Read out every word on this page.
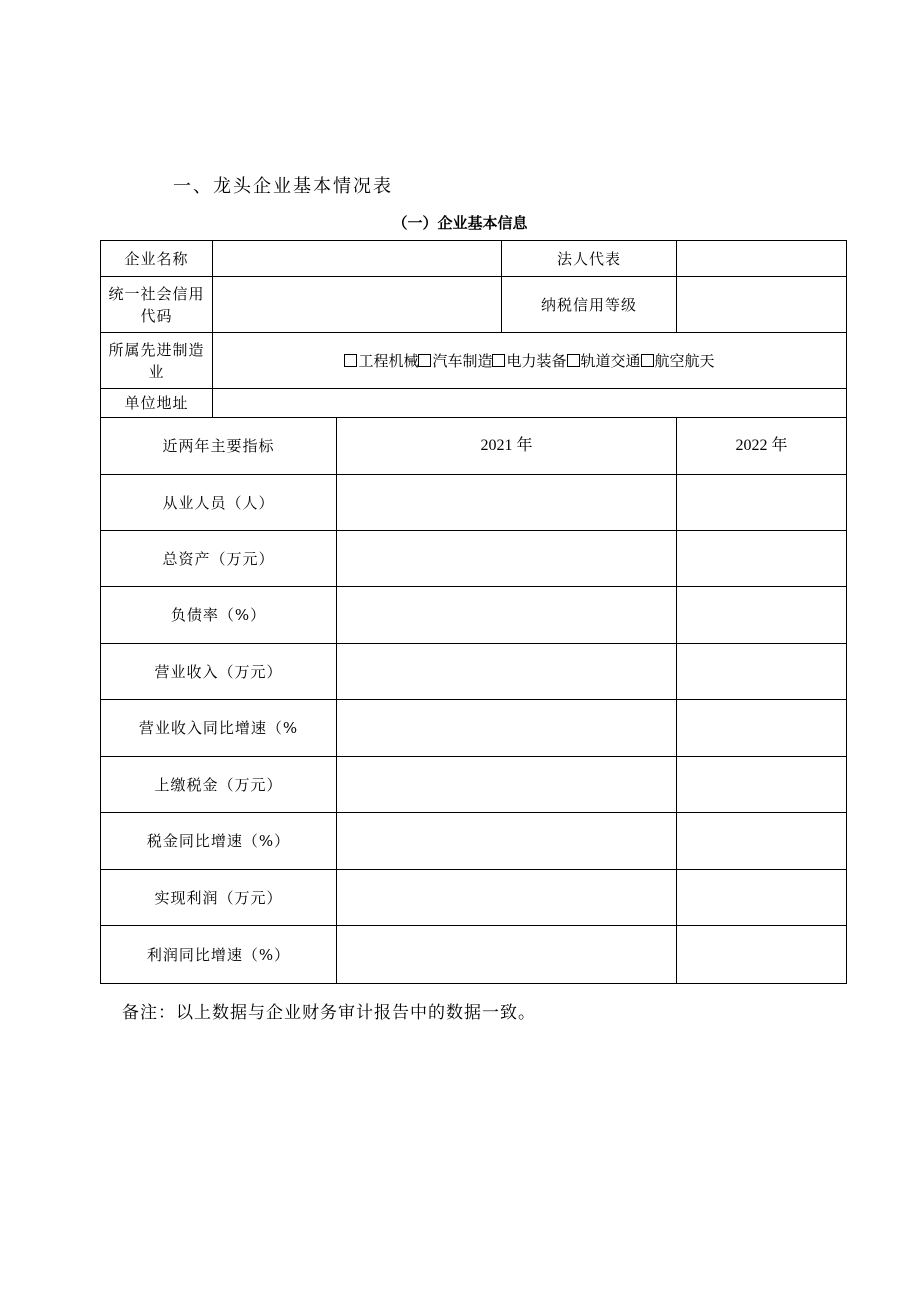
一、龙头企业基本情况表
（一）企业基本信息
企业名称			法人代表	
统一社会信用代码			纳税信用等级	
所属先进制造业	工程机械 汽车制造 电力装备 轨道交通 航空航天			
单位地址				
近两年主要指标		2021 年		2022 年
从业人员（人）				
总资产（万元）				
负债率（%）				
营业收入（万元）				
营业收入同比增速（%				
上缴税金（万元）				
税金同比增速（%）				
实现利润（万元）				
利润同比增速（%）				
备注：以上数据与企业财务审计报告中的数据一致。
